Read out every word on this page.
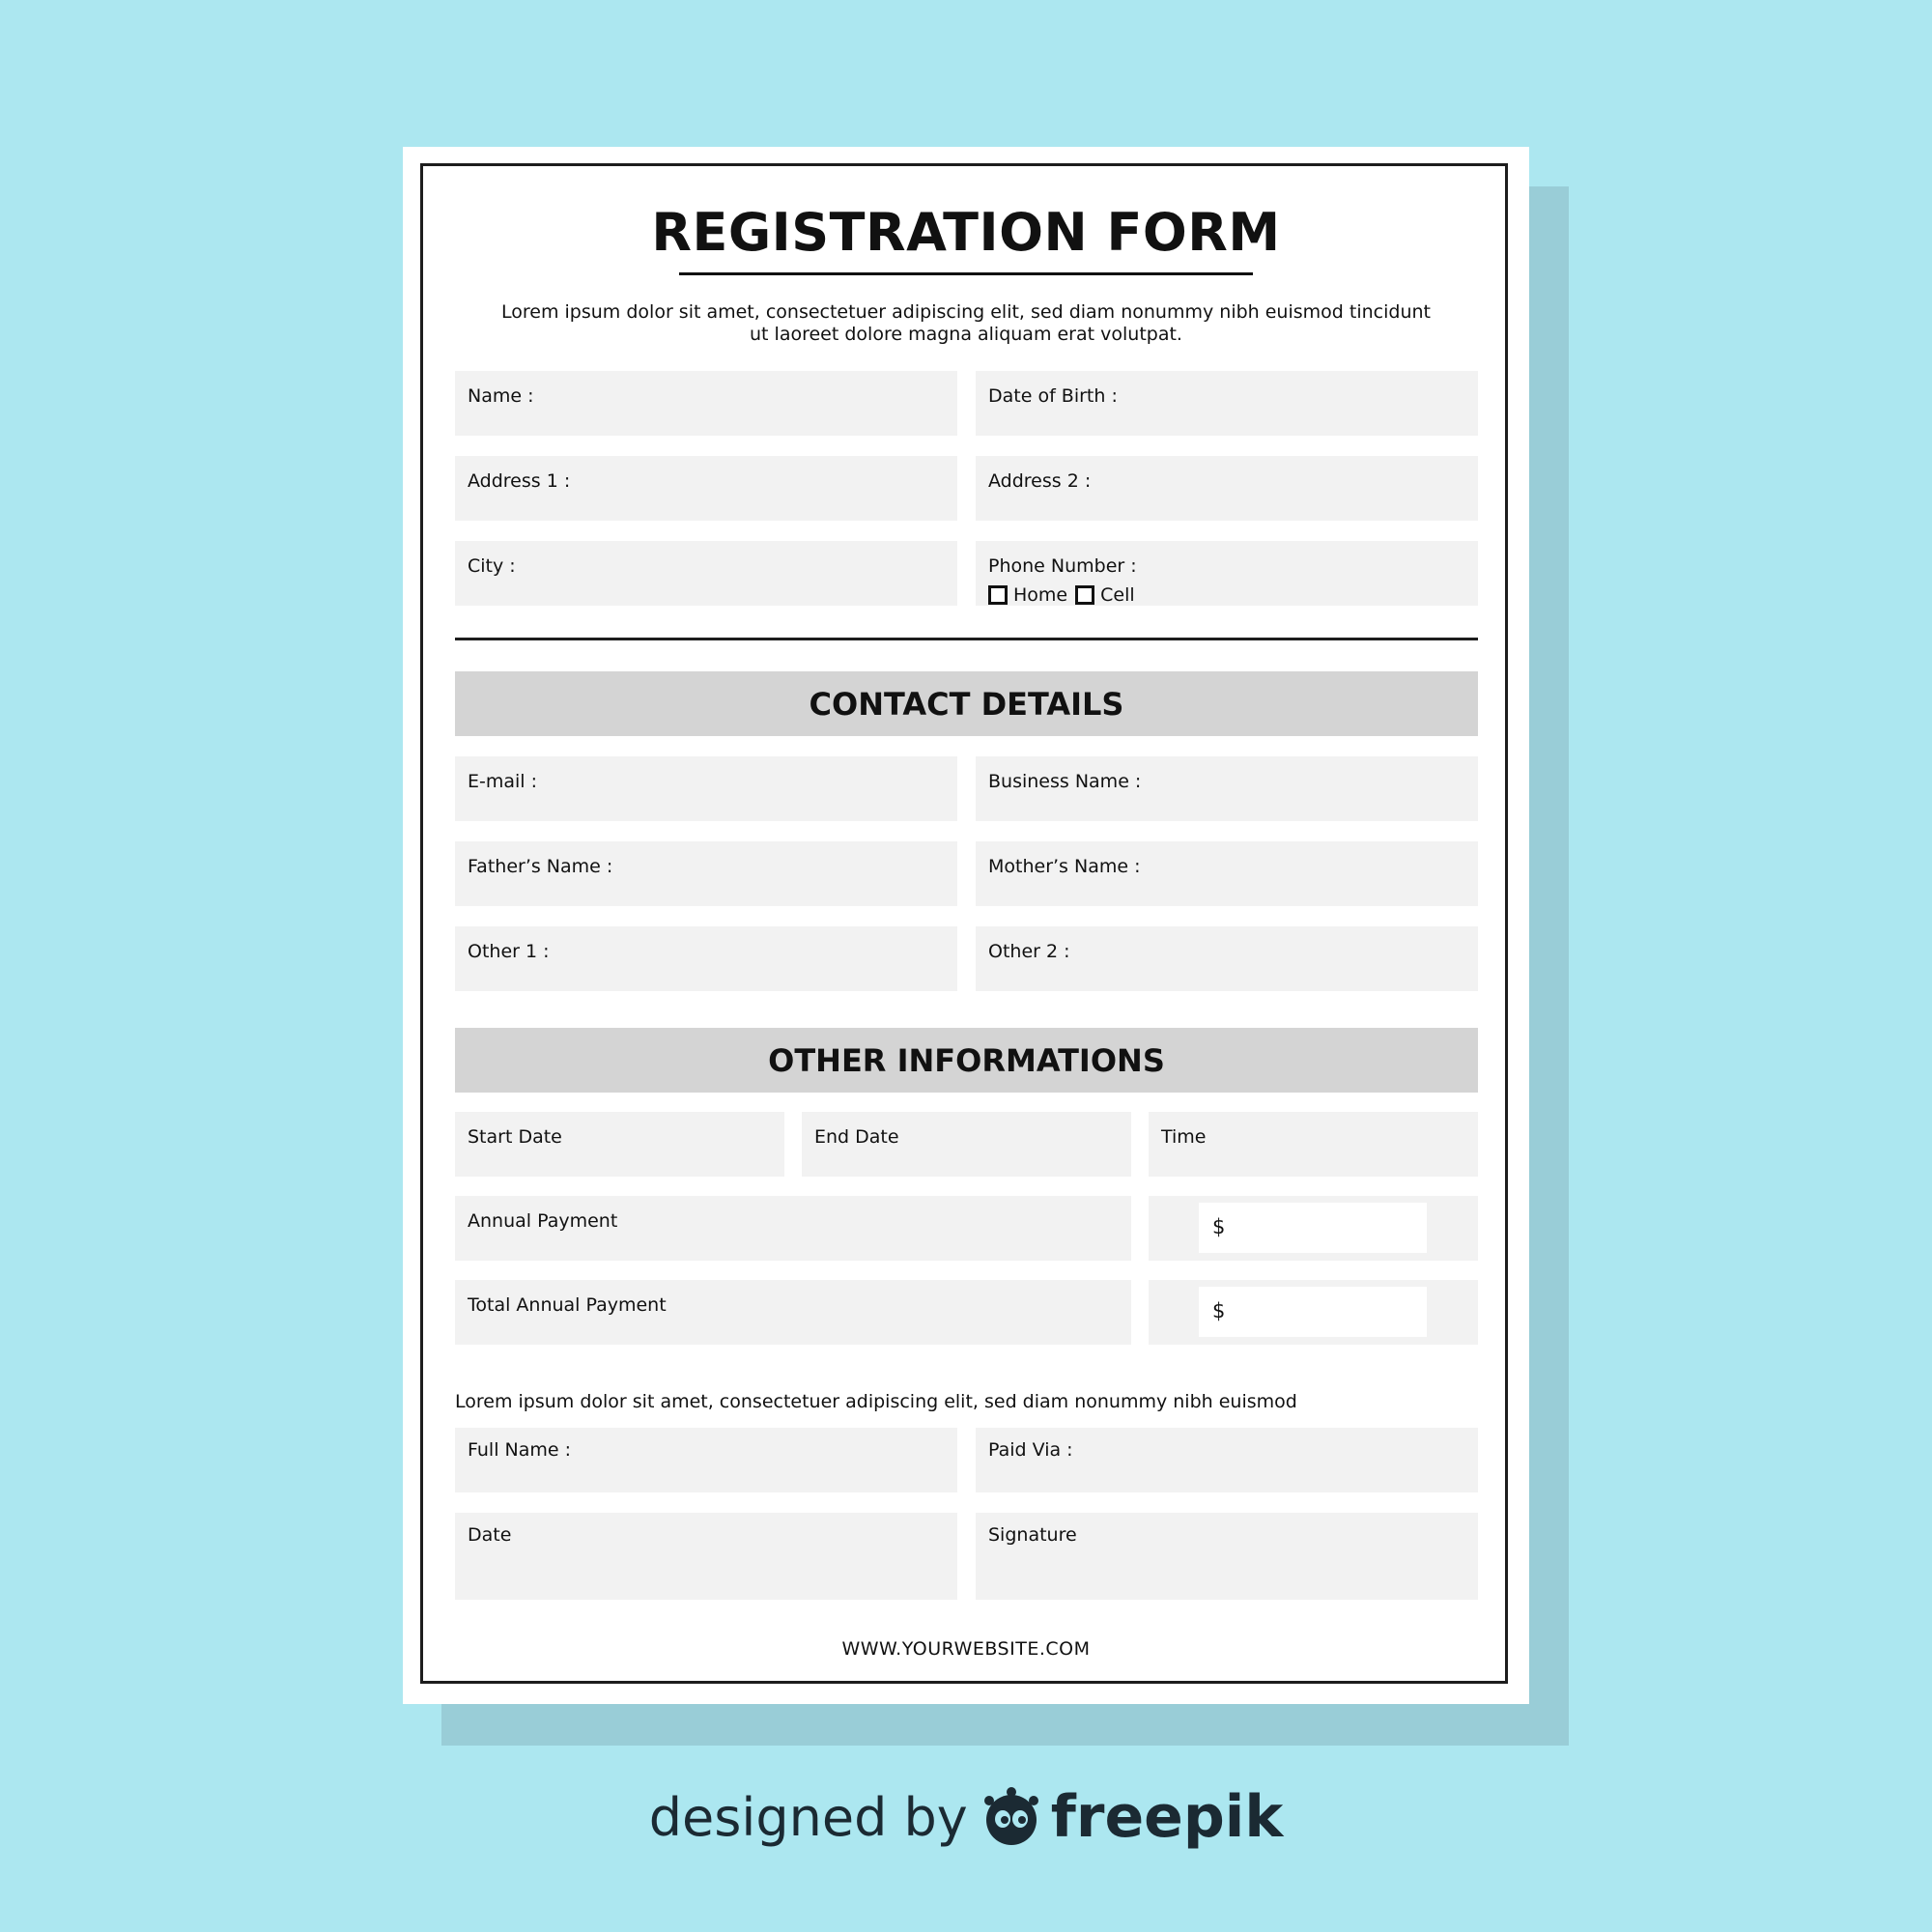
REGISTRATION FORM
Lorem ipsum dolor sit amet, consectetuer adipiscing elit, sed diam nonummy nibh euismod tincidunt ut laoreet dolore magna aliquam erat volutpat.
Name :	Date of Birth :
Address 1 :	Address 2 :
City :	Phone Number :
Home Cell
CONTACT DETAILS
E-mail :	Business Name :
Father’s Name :	Mother’s Name :
Other 1 :	Other 2 :
OTHER INFORMATIONS
Start Date	End Date	Time
Annual Payment	$
Total Annual Payment	$
Lorem ipsum dolor sit amet, consectetuer adipiscing elit, sed diam nonummy nibh euismod
Full Name :	Paid Via :
Date	Signature
WWW.YOURWEBSITE.COM
designed by freepik
